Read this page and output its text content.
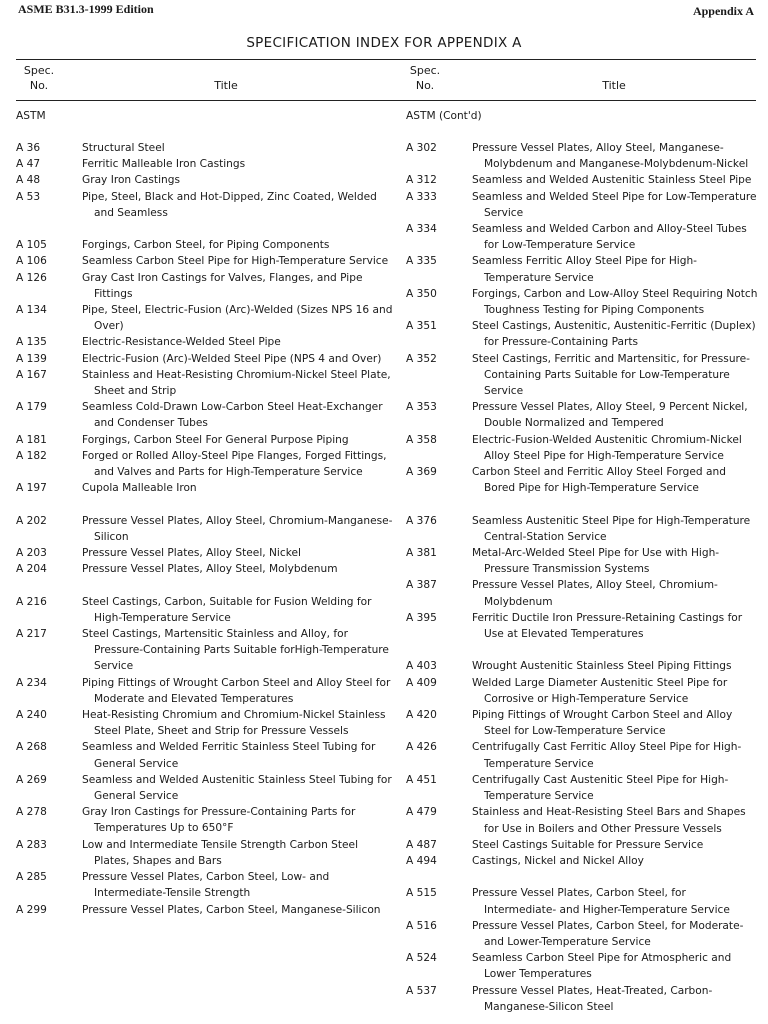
ASME B31.3-1999 Edition	Appendix A
SPECIFICATION INDEX FOR APPENDIX A
Spec.
No.	Title
Spec.
No.	Title
ASTM
A 36	Structural Steel
A 47	Ferritic Malleable Iron Castings
A 48	Gray Iron Castings
A 53	Pipe, Steel, Black and Hot-Dipped, Zinc Coated, Welded and Seamless
A 105	Forgings, Carbon Steel, for Piping Components
A 106	Seamless Carbon Steel Pipe for High-Temperature Service
A 126	Gray Cast Iron Castings for Valves, Flanges, and Pipe Fittings
A 134	Pipe, Steel, Electric-Fusion (Arc)-Welded (Sizes NPS 16 and Over)
A 135	Electric-Resistance-Welded Steel Pipe
A 139	Electric-Fusion (Arc)-Welded Steel Pipe (NPS 4 and Over)
A 167	Stainless and Heat-Resisting Chromium-Nickel Steel Plate, Sheet and Strip
A 179	Seamless Cold-Drawn Low-Carbon Steel Heat-Exchanger and Condenser Tubes
A 181	Forgings, Carbon Steel For General Purpose Piping
A 182	Forged or Rolled Alloy-Steel Pipe Flanges, Forged Fittings, and Valves and Parts for High-Temperature Service
A 197	Cupola Malleable Iron
A 202	Pressure Vessel Plates, Alloy Steel, Chromium-Manganese-Silicon
A 203	Pressure Vessel Plates, Alloy Steel, Nickel
A 204	Pressure Vessel Plates, Alloy Steel, Molybdenum
A 216	Steel Castings, Carbon, Suitable for Fusion Welding for High-Temperature Service
A 217	Steel Castings, Martensitic Stainless and Alloy, for Pressure-Containing Parts Suitable forHigh-Temperature Service
A 234	Piping Fittings of Wrought Carbon Steel and Alloy Steel for Moderate and Elevated Temperatures
A 240	Heat-Resisting Chromium and Chromium-Nickel Stainless Steel Plate, Sheet and Strip for Pressure Vessels
A 268	Seamless and Welded Ferritic Stainless Steel Tubing for General Service
A 269	Seamless and Welded Austenitic Stainless Steel Tubing for General Service
A 278	Gray Iron Castings for Pressure-Containing Parts for Temperatures Up to 650°F
A 283	Low and Intermediate Tensile Strength Carbon Steel Plates, Shapes and Bars
A 285	Pressure Vessel Plates, Carbon Steel, Low- and Intermediate-Tensile Strength
A 299	Pressure Vessel Plates, Carbon Steel, Manganese-Silicon
ASTM (Cont'd)
A 302	Pressure Vessel Plates, Alloy Steel, Manganese-Molybdenum and Manganese-Molybdenum-Nickel
A 312	Seamless and Welded Austenitic Stainless Steel Pipe
A 333	Seamless and Welded Steel Pipe for Low-Temperature Service
A 334	Seamless and Welded Carbon and Alloy-Steel Tubes for Low-Temperature Service
A 335	Seamless Ferritic Alloy Steel Pipe for High-Temperature Service
A 350	Forgings, Carbon and Low-Alloy Steel Requiring Notch Toughness Testing for Piping Components
A 351	Steel Castings, Austenitic, Austenitic-Ferritic (Duplex) for Pressure-Containing Parts
A 352	Steel Castings, Ferritic and Martensitic, for Pressure-Containing Parts Suitable for Low-Temperature Service
A 353	Pressure Vessel Plates, Alloy Steel, 9 Percent Nickel, Double Normalized and Tempered
A 358	Electric-Fusion-Welded Austenitic Chromium-Nickel Alloy Steel Pipe for High-Temperature Service
A 369	Carbon Steel and Ferritic Alloy Steel Forged and Bored Pipe for High-Temperature Service
A 376	Seamless Austenitic Steel Pipe for High-Temperature Central-Station Service
A 381	Metal-Arc-Welded Steel Pipe for Use with High-Pressure Transmission Systems
A 387	Pressure Vessel Plates, Alloy Steel, Chromium-Molybdenum
A 395	Ferritic Ductile Iron Pressure-Retaining Castings for Use at Elevated Temperatures
A 403	Wrought Austenitic Stainless Steel Piping Fittings
A 409	Welded Large Diameter Austenitic Steel Pipe for Corrosive or High-Temperature Service
A 420	Piping Fittings of Wrought Carbon Steel and Alloy Steel for Low-Temperature Service
A 426	Centrifugally Cast Ferritic Alloy Steel Pipe for High-Temperature Service
A 451	Centrifugally Cast Austenitic Steel Pipe for High-Temperature Service
A 479	Stainless and Heat-Resisting Steel Bars and Shapes for Use in Boilers and Other Pressure Vessels
A 487	Steel Castings Suitable for Pressure Service
A 494	Castings, Nickel and Nickel Alloy
A 515	Pressure Vessel Plates, Carbon Steel, for Intermediate- and Higher-Temperature Service
A 516	Pressure Vessel Plates, Carbon Steel, for Moderate-and Lower-Temperature Service
A 524	Seamless Carbon Steel Pipe for Atmospheric and Lower Temperatures
A 537	Pressure Vessel Plates, Heat-Treated, Carbon-Manganese-Silicon Steel
